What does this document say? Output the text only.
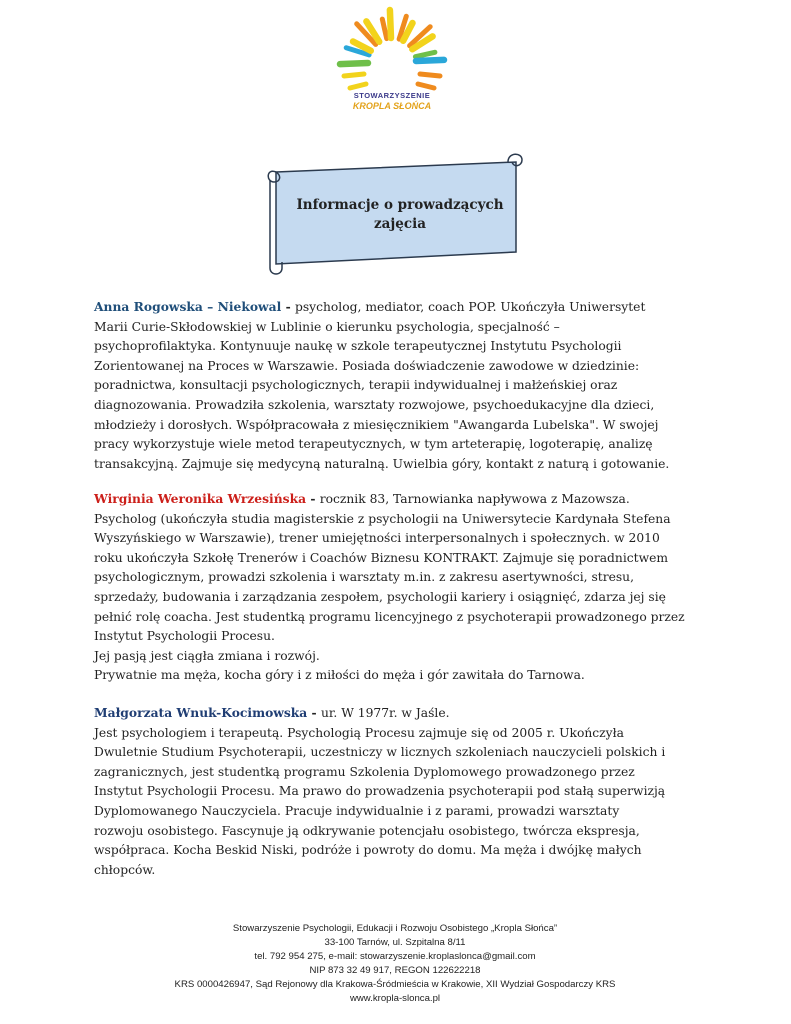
STOWARZYSZENIE
KROPLA SŁOŃCA
Informacje o prowadzących
zajęcia
Anna Rogowska – Niekowal - psycholog, mediator, coach POP. Ukończyła Uniwersytet
Marii Curie-Skłodowskiej w Lublinie o kierunku psychologia, specjalność –
psychoprofilaktyka. Kontynuuje naukę w szkole terapeutycznej Instytutu Psychologii
Zorientowanej na Proces w Warszawie. Posiada doświadczenie zawodowe w dziedzinie:
poradnictwa, konsultacji psychologicznych, terapii indywidualnej i małżeńskiej oraz
diagnozowania. Prowadziła szkolenia, warsztaty rozwojowe, psychoedukacyjne dla dzieci,
młodzieży i dorosłych. Współpracowała z miesięcznikiem "Awangarda Lubelska". W swojej
pracy wykorzystuje wiele metod terapeutycznych, w tym arteterapię, logoterapię, analizę
transakcyjną. Zajmuje się medycyną naturalną. Uwielbia góry, kontakt z naturą i gotowanie.
Wirginia Weronika Wrzesińska - rocznik 83, Tarnowianka napływowa z Mazowsza.
Psycholog (ukończyła studia magisterskie z psychologii na Uniwersytecie Kardynała Stefena
Wyszyńskiego w Warszawie), trener umiejętności interpersonalnych i społecznych. w 2010
roku ukończyła Szkołę Trenerów i Coachów Biznesu KONTRAKT. Zajmuje się poradnictwem
psychologicznym, prowadzi szkolenia i warsztaty m.in. z zakresu asertywności, stresu,
sprzedaży, budowania i zarządzania zespołem, psychologii kariery i osiągnięć, zdarza jej się
pełnić rolę coacha. Jest studentką programu licencyjnego z psychoterapii prowadzonego przez
Instytut Psychologii Procesu.
Jej pasją jest ciągła zmiana i rozwój.
Prywatnie ma męża, kocha góry i z miłości do męża i gór zawitała do Tarnowa.
Małgorzata Wnuk-Kocimowska - ur. W 1977r. w Jaśle.
Jest psychologiem i terapeutą. Psychologią Procesu zajmuje się od 2005 r. Ukończyła
Dwuletnie Studium Psychoterapii, uczestniczy w licznych szkoleniach nauczycieli polskich i
zagranicznych, jest studentką programu Szkolenia Dyplomowego prowadzonego przez
Instytut Psychologii Procesu. Ma prawo do prowadzenia psychoterapii pod stałą superwizją
Dyplomowanego Nauczyciela. Pracuje indywidualnie i z parami, prowadzi warsztaty
rozwoju osobistego. Fascynuje ją odkrywanie potencjału osobistego, twórcza ekspresja,
współpraca. Kocha Beskid Niski, podróże i powroty do domu. Ma męża i dwójkę małych
chłopców.
Stowarzyszenie Psychologii, Edukacji i Rozwoju Osobistego „Kropla Słońca”
33-100 Tarnów, ul. Szpitalna 8/11
tel. 792 954 275, e-mail: stowarzyszenie.kroplaslonca@gmail.com
NIP 873 32 49 917, REGON 122622218
KRS 0000426947, Sąd Rejonowy dla Krakowa-Śródmieścia w Krakowie, XII Wydział Gospodarczy KRS
www.kropla-slonca.pl
